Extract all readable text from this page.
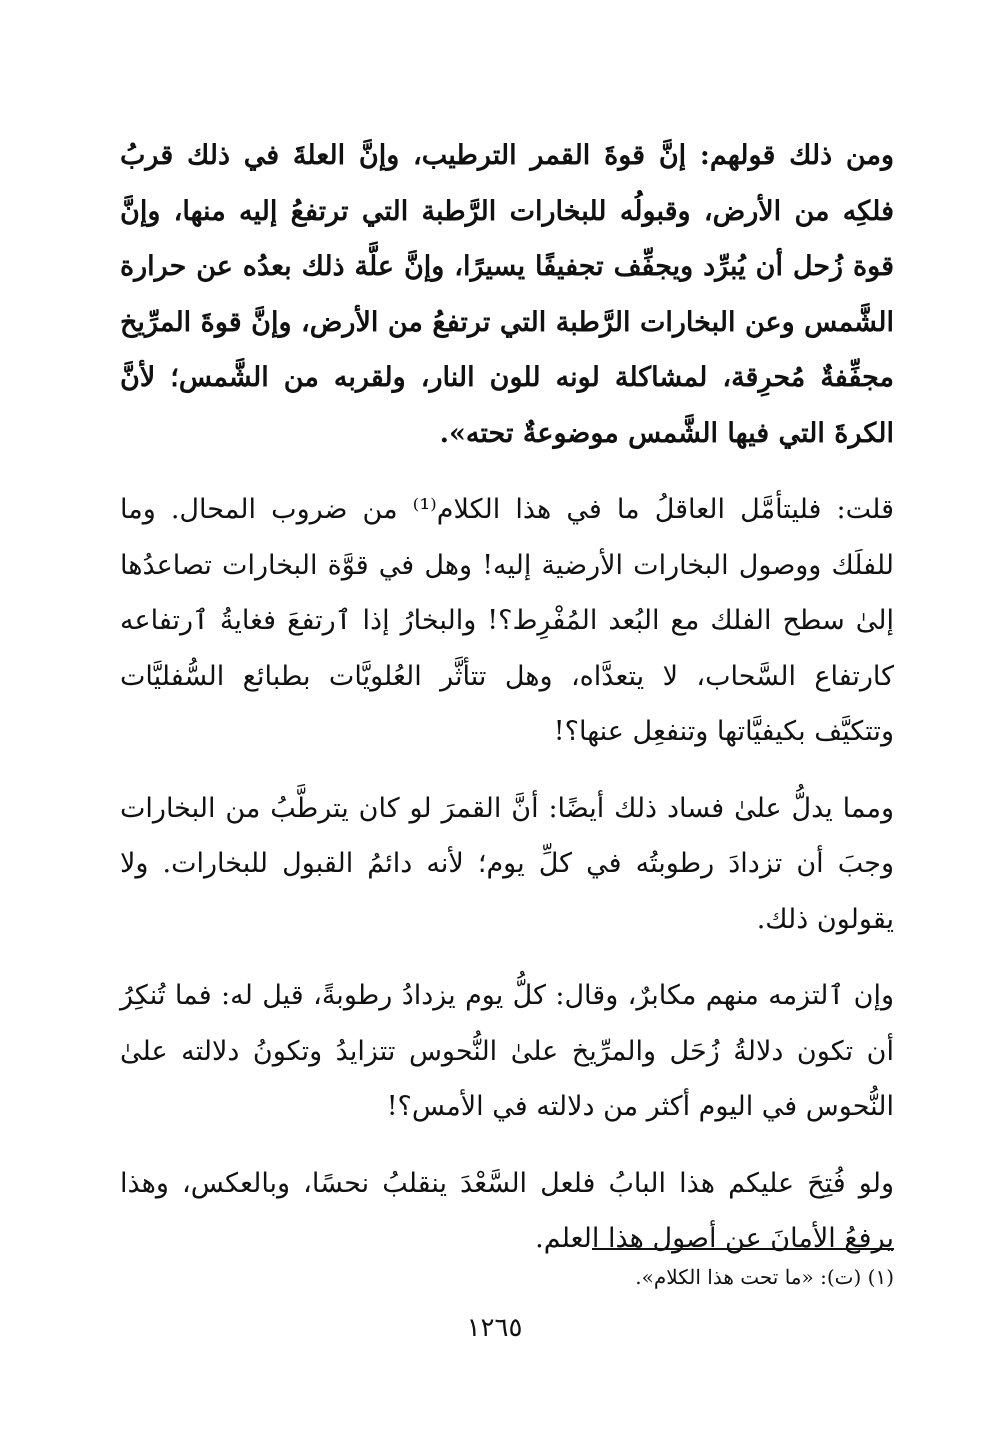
ومن ذلك قولهم: إنَّ قوةَ القمر الترطيب، وإنَّ العلةَ في ذلك قربُ فلكِه من الأرض، وقبولُه للبخارات الرَّطبة التي ترتفعُ إليه منها، وإنَّ قوة زُحل أن يُبرِّد ويجفِّف تجفيفًا يسيرًا، وإنَّ علَّة ذلك بعدُه عن حرارة الشَّمس وعن البخارات الرَّطبة التي ترتفعُ من الأرض، وإنَّ قوةَ المرِّيخ مجفِّفةٌ مُحرِقة، لمشاكلة لونه للون النار، ولقربه من الشَّمس؛ لأنَّ الكرةَ التي فيها الشَّمس موضوعةٌ تحته».

قلت: فليتأمَّل العاقلُ ما في هذا الكلام⁽¹⁾ من ضروب المحال. وما للفلَك ووصول البخارات الأرضية إليه! وهل في قوَّة البخارات تصاعدُها إلىٰ سطح الفلك مع البُعد المُفْرِط؟! والبخارُ إذا ٱرتفعَ فغايةُ ٱرتفاعه كارتفاع السَّحاب، لا يتعدَّاه، وهل تتأثَّر العُلويَّات بطبائع السُّفليَّات وتتكيَّف بكيفيَّاتها وتنفعِل عنها؟!

ومما يدلُّ علىٰ فساد ذلك أيضًا: أنَّ القمرَ لو كان يترطَّبُ من البخارات وجبَ أن تزدادَ رطوبتُه في كلِّ يوم؛ لأنه دائمُ القبول للبخارات. ولا يقولون ذلك.

وإن ٱلتزمه منهم مكابرٌ، وقال: كلُّ يوم يزدادُ رطوبةً، قيل له: فما تُنكِرُ أن تكون دلالةُ زُحَل والمرِّيخ علىٰ النُّحوس تتزايدُ وتكونُ دلالته علىٰ النُّحوس في اليوم أكثر من دلالته في الأمس؟!

ولو فُتِحَ عليكم هذا البابُ فلعل السَّعْدَ ينقلبُ نحسًا، وبالعكس، وهذا يرفعُ الأمانَ عن أصول هذا العلم.

(١) (ت): «ما تحت هذا الكلام».
١٢٦٥
